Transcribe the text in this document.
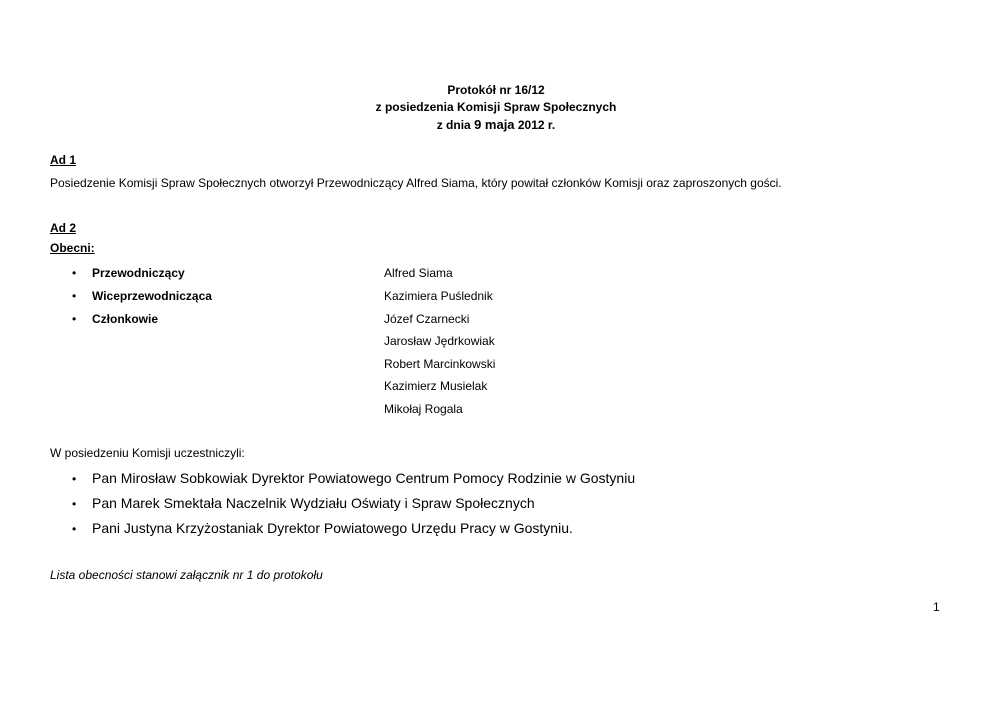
Protokół nr 16/12
z posiedzenia Komisji Spraw Społecznych
z dnia 9 maja 2012 r.
Ad 1
Posiedzenie Komisji Spraw Społecznych otworzył Przewodniczący Alfred Siama, który powitał członków Komisji oraz zaproszonych gości.
Ad 2
Obecni:
• Przewodniczący	Alfred Siama
• Wiceprzewodnicząca	Kazimiera Puślednik
• Członkowie	Józef Czarnecki
Jarosław Jędrkowiak
Robert Marcinkowski
Kazimierz Musielak
Mikołaj Rogala
W posiedzeniu Komisji uczestniczyli:
• Pan Mirosław Sobkowiak Dyrektor Powiatowego Centrum Pomocy Rodzinie w Gostyniu
• Pan Marek Smektała Naczelnik Wydziału Oświaty i Spraw Społecznych
• Pani Justyna Krzyżostaniak Dyrektor Powiatowego Urzędu Pracy w Gostyniu.
Lista obecności stanowi załącznik nr 1 do protokołu
1
